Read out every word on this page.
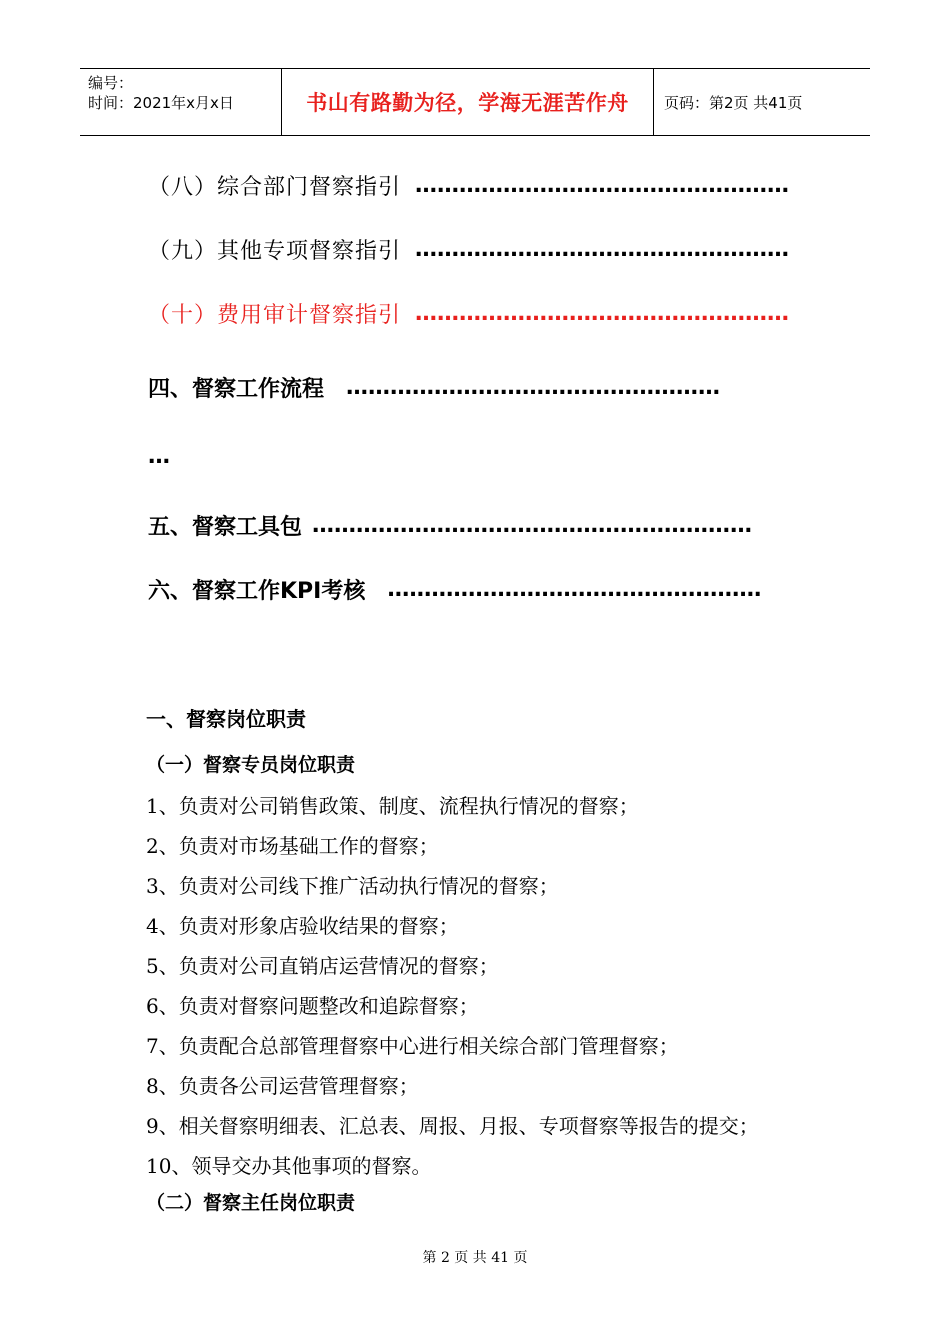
编号：
时间：2021年x月x日	书山有路勤为径，学海无涯苦作舟 页码：第2页 共41页
（八）综合部门督察指引 ……………………………………………
（九）其他专项督察指引 ……………………………………………
（十）费用审计督察指引 ……………………………………………
四、督察工作流程 ……………………………………………
…
五、督察工具包 ……………………………………………………
六、督察工作KPI考核 ……………………………………………
一、督察岗位职责
（一）督察专员岗位职责
1、负责对公司销售政策、制度、流程执行情况的督察；
2、负责对市场基础工作的督察；
3、负责对公司线下推广活动执行情况的督察；
4、负责对形象店验收结果的督察；
5、负责对公司直销店运营情况的督察；
6、负责对督察问题整改和追踪督察；
7、负责配合总部管理督察中心进行相关综合部门管理督察；
8、负责各公司运营管理督察；
9、相关督察明细表、汇总表、周报、月报、专项督察等报告的提交；
10、领导交办其他事项的督察。
（二）督察主任岗位职责
第 2 页 共 41 页
